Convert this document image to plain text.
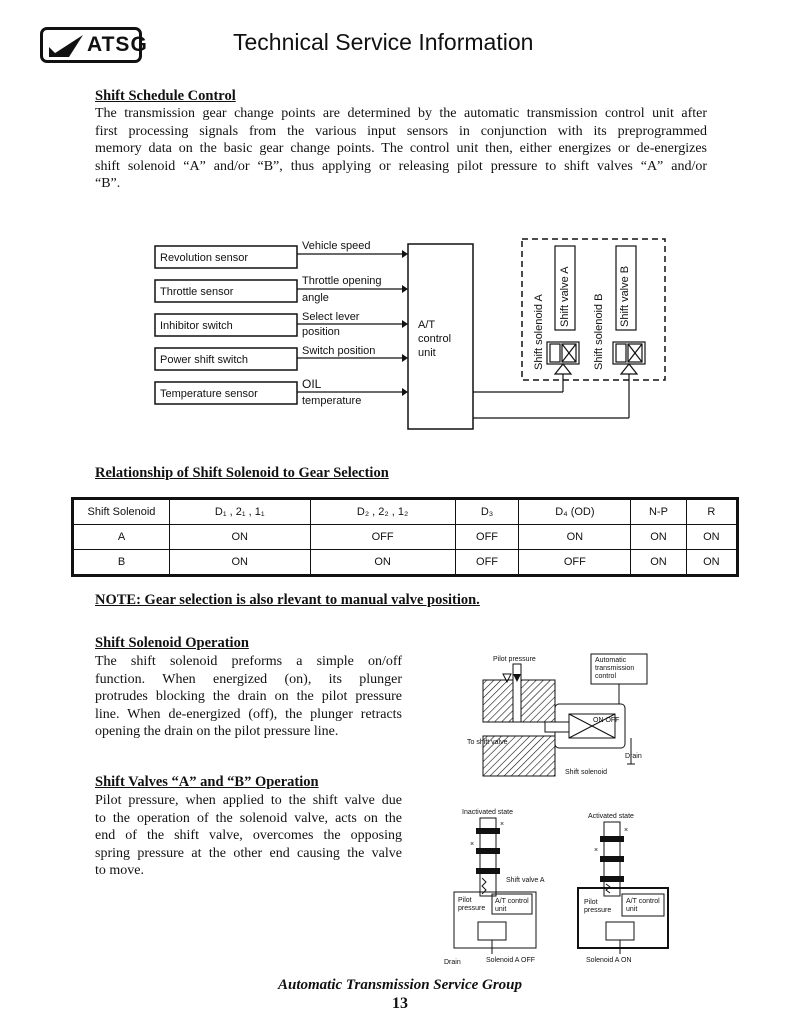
ATSG	Technical Service Information
Shift Schedule Control
The transmission gear change points are determined by the automatic transmission control unit after
first processing signals from the various input sensors in conjunction with its preprogrammed
memory data on the basic gear change points. The control unit then, either energizes or de-energizes
shift solenoid “A” and/or “B”, thus applying or releasing pilot pressure to shift valves “A” and/or
“B”.
Revolution sensor
Throttle sensor
Inhibitor switch
Power shift switch
Temperature sensor
Vehicle speed
Throttle opening
angle
Select lever
position
Switch position
OIL
temperature
A/T
control
unit	Shift solenoid A Shift valve A Shift solenoid B Shift valve B
Relationship of Shift Solenoid to Gear Selection
Shift Solenoid	D₁ , 2₁ , 1₁	D₂ , 2₂ , 1₂	D₃	D₄ (OD)	N-P	R
A	ON	OFF	OFF	ON	ON	ON
B	ON	ON	OFF	OFF	ON	ON
NOTE: Gear selection is also rlevant to manual valve position.
Shift Solenoid Operation
The shift solenoid preforms a simple on/off
function. When energized (on), its plunger
protrudes blocking the drain on the pilot pressure
line. When de-energized (off), the plunger retracts
opening the drain on the pilot pressure line.
Shift Valves “A” and “B” Operation
Pilot pressure, when applied to the shift valve due
to the operation of the solenoid valve, acts on the
end of the shift valve, overcomes the opposing
spring pressure at the other end causing the valve
to move.
Pilot pressure	Automatic
transmission
control
ON OFF
To shift valve
Drain
Shift solenoid
Inactivated state
×
×
Shift valve A
Pilot
pressure
A/T control
unit
Drain	Solenoid A OFF
Activated state
×
×
Pilot
pressure
A/T control
unit
Solenoid A ON
Automatic Transmission Service Group
13
